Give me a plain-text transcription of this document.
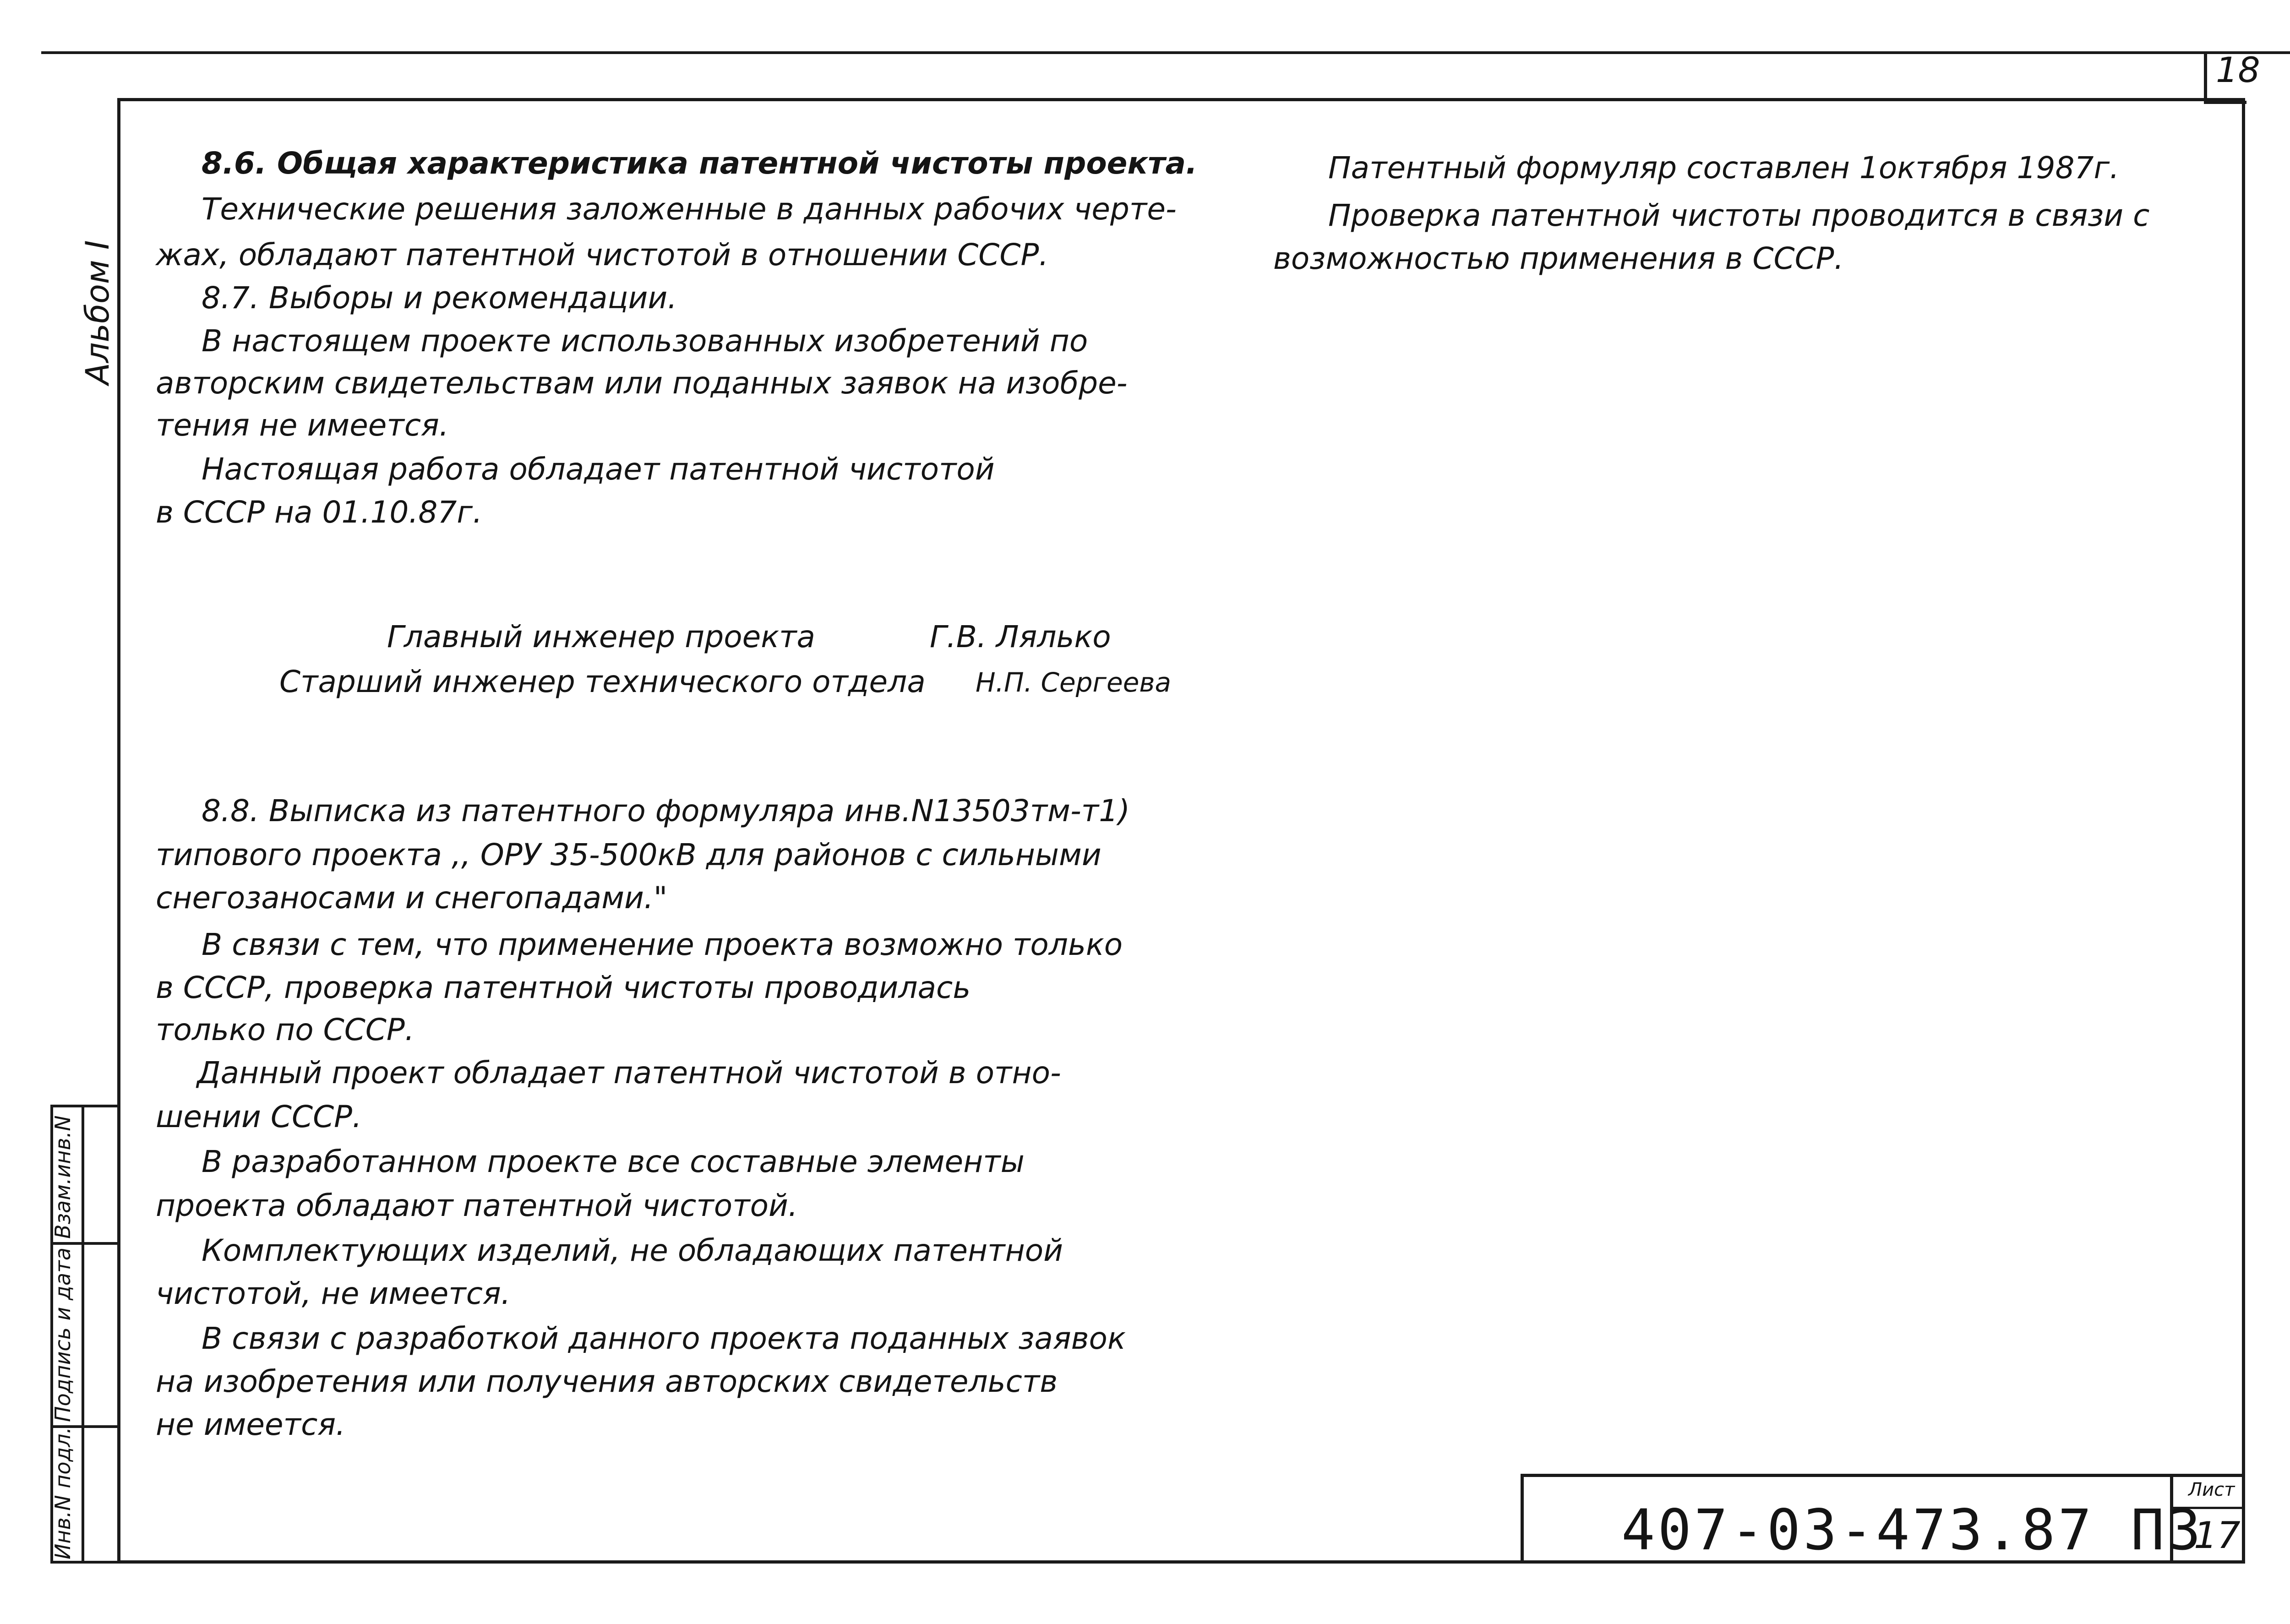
18
Взам.инв.N
Подпись и дата
Инв.N подл.
Альбом I
8.6. Общая характеристика патентной чистоты проекта.
Технические решения заложенные в данных рабочих черте-
жах, обладают патентной чистотой в отношении СССР.
8.7. Выборы и рекомендации.
В настоящем проекте использованных изобретений по
авторским свидетельствам или поданных заявок на изобре-
тения не имеется.
Настоящая работа обладает патентной чистотой
в СССР на 01.10.87г.
Главный инженер проекта	Г.В. Лялько
Старший инженер технического отдела Н.П. Сергеева
8.8. Выписка из патентного формуляра инв.N13503тм-т1)
типового проекта ,, ОРУ 35-500кВ для районов с сильными
снегозаносами и снегопадами."
В связи с тем, что применение проекта возможно только
в СССР, проверка патентной чистоты проводилась
только по СССР.
Данный проект обладает патентной чистотой в отно-
шении СССР.
В разработанном проекте все составные элементы
проекта обладают патентной чистотой.
Комплектующих изделий, не обладающих патентной
чистотой, не имеется.
В связи с разработкой данного проекта поданных заявок
на изобретения или получения авторских свидетельств
не имеется.
Патентный формуляр составлен 1октября 1987г.
Проверка патентной чистоты проводится в связи с
возможностью применения в СССР.
407-03-473.87 ПЗ
Лист
17
